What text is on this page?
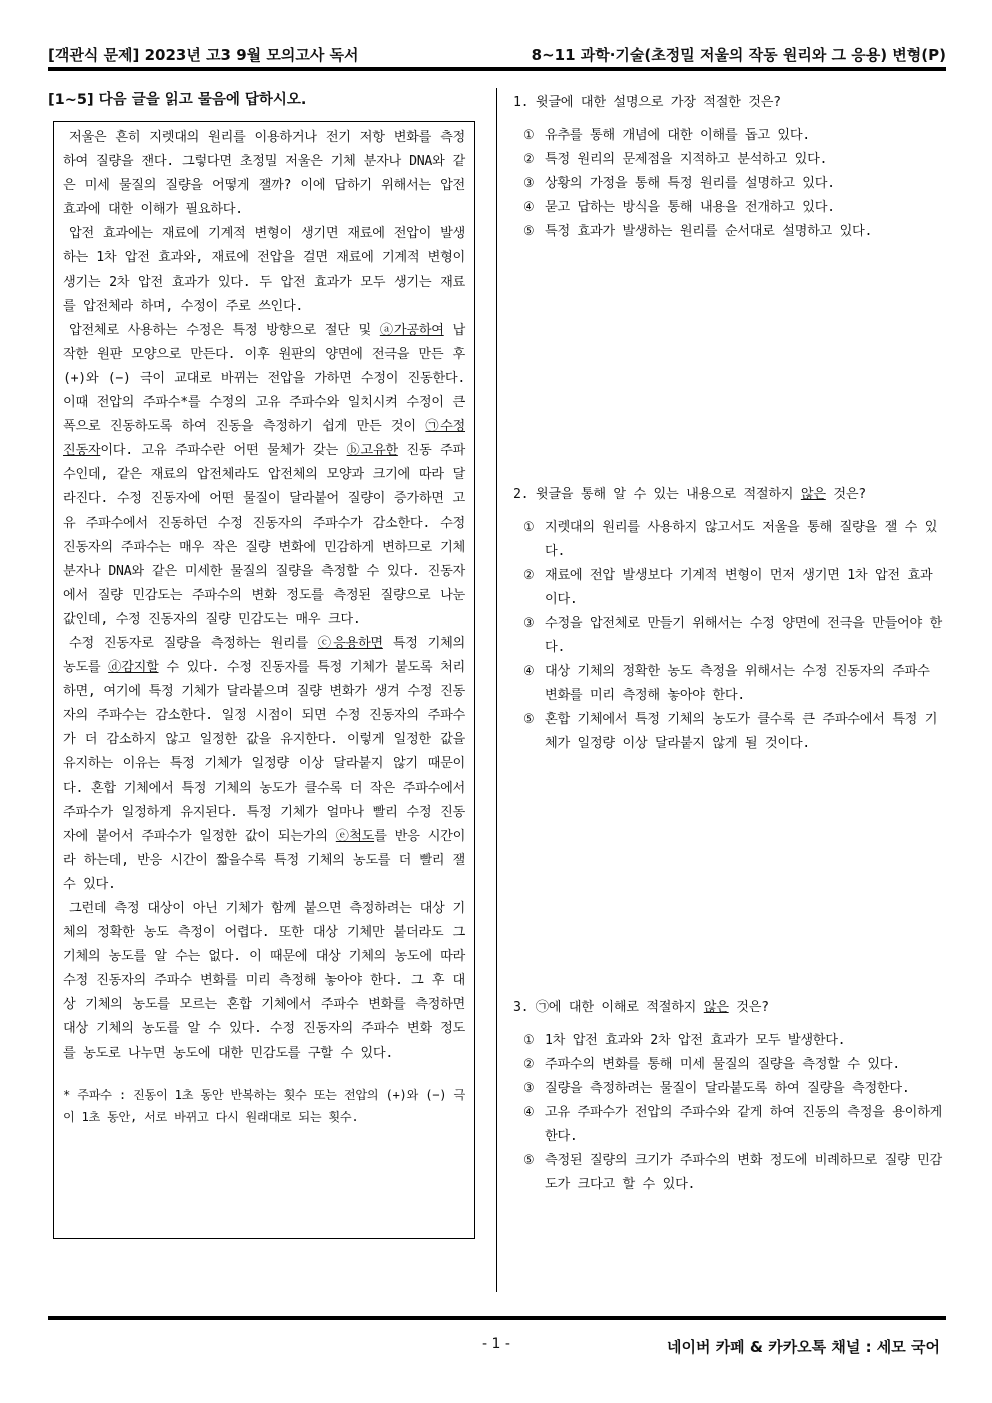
[객관식 문제] 2023년 고3 9월 모의고사 독서	8~11 과학·기술(초정밀 저울의 작동 원리와 그 응용) 변형(P)
[1~5] 다음 글을 읽고 물음에 답하시오.

저울은 흔히 지렛대의 원리를 이용하거나 전기 저항 변화를 측정하여 질량을 잰다. 그렇다면 초정밀 저울은 기체 분자나 DNA와 같은 미세 물질의 질량을 어떻게 잴까? 이에 답하기 위해서는 압전 효과에 대한 이해가 필요하다.

압전 효과에는 재료에 기계적 변형이 생기면 재료에 전압이 발생하는 1차 압전 효과와, 재료에 전압을 걸면 재료에 기계적 변형이 생기는 2차 압전 효과가 있다. 두 압전 효과가 모두 생기는 재료를 압전체라 하며, 수정이 주로 쓰인다.

압전체로 사용하는 수정은 특정 방향으로 절단 및 ⓐ가공하여 납작한 원판 모양으로 만든다. 이후 원판의 양면에 전극을 만든 후 (+)와 (−) 극이 교대로 바뀌는 전압을 가하면 수정이 진동한다. 이때 전압의 주파수*를 수정의 고유 주파수와 일치시켜 수정이 큰 폭으로 진동하도록 하여 진동을 측정하기 쉽게 만든 것이 ㉠수정 진동자이다. 고유 주파수란 어떤 물체가 갖는 ⓑ고유한 진동 주파수인데, 같은 재료의 압전체라도 압전체의 모양과 크기에 따라 달라진다. 수정 진동자에 어떤 물질이 달라붙어 질량이 증가하면 고유 주파수에서 진동하던 수정 진동자의 주파수가 감소한다. 수정 진동자의 주파수는 매우 작은 질량 변화에 민감하게 변하므로 기체 분자나 DNA와 같은 미세한 물질의 질량을 측정할 수 있다. 진동자에서 질량 민감도는 주파수의 변화 정도를 측정된 질량으로 나눈 값인데, 수정 진동자의 질량 민감도는 매우 크다.

수정 진동자로 질량을 측정하는 원리를 ⓒ응용하면 특정 기체의 농도를 ⓓ감지할 수 있다. 수정 진동자를 특정 기체가 붙도록 처리하면, 여기에 특정 기체가 달라붙으며 질량 변화가 생겨 수정 진동자의 주파수는 감소한다. 일정 시점이 되면 수정 진동자의 주파수가 더 감소하지 않고 일정한 값을 유지한다. 이렇게 일정한 값을 유지하는 이유는 특정 기체가 일정량 이상 달라붙지 않기 때문이다. 혼합 기체에서 특정 기체의 농도가 클수록 더 작은 주파수에서 주파수가 일정하게 유지된다. 특정 기체가 얼마나 빨리 수정 진동자에 붙어서 주파수가 일정한 값이 되는가의 ⓔ척도를 반응 시간이라 하는데, 반응 시간이 짧을수록 특정 기체의 농도를 더 빨리 잴 수 있다.

그런데 측정 대상이 아닌 기체가 함께 붙으면 측정하려는 대상 기체의 정확한 농도 측정이 어렵다. 또한 대상 기체만 붙더라도 그 기체의 농도를 알 수는 없다. 이 때문에 대상 기체의 농도에 따라 수정 진동자의 주파수 변화를 미리 측정해 놓아야 한다. 그 후 대상 기체의 농도를 모르는 혼합 기체에서 주파수 변화를 측정하면 대상 기체의 농도를 알 수 있다. 수정 진동자의 주파수 변화 정도를 농도로 나누면 농도에 대한 민감도를 구할 수 있다.

* 주파수 : 진동이 1초 동안 반복하는 횟수 또는 전압의 (+)와 (−) 극이 1초 동안, 서로 바뀌고 다시 원래대로 되는 횟수.

1. 윗글에 대한 설명으로 가장 적절한 것은?
① 유추를 통해 개념에 대한 이해를 돕고 있다.
② 특정 원리의 문제점을 지적하고 분석하고 있다.
③ 상황의 가정을 통해 특정 원리를 설명하고 있다.
④ 묻고 답하는 방식을 통해 내용을 전개하고 있다.
⑤ 특정 효과가 발생하는 원리를 순서대로 설명하고 있다.
2. 윗글을 통해 알 수 있는 내용으로 적절하지 않은 것은?
① 지렛대의 원리를 사용하지 않고서도 저울을 통해 질량을 잴 수 있다.
② 재료에 전압 발생보다 기계적 변형이 먼저 생기면 1차 압전 효과이다.
③ 수정을 압전체로 만들기 위해서는 수정 양면에 전극을 만들어야 한다.
④ 대상 기체의 정확한 농도 측정을 위해서는 수정 진동자의 주파수 변화를 미리 측정해 놓아야 한다.
⑤ 혼합 기체에서 특정 기체의 농도가 클수록 큰 주파수에서 특정 기체가 일정량 이상 달라붙지 않게 될 것이다.
3. ㉠에 대한 이해로 적절하지 않은 것은?
① 1차 압전 효과와 2차 압전 효과가 모두 발생한다.
② 주파수의 변화를 통해 미세 물질의 질량을 측정할 수 있다.
③ 질량을 측정하려는 물질이 달라붙도록 하여 질량을 측정한다.
④ 고유 주파수가 전압의 주파수와 같게 하여 진동의 측정을 용이하게 한다.
⑤ 측정된 질량의 크기가 주파수의 변화 정도에 비례하므로 질량 민감도가 크다고 할 수 있다.
- 1 -	네이버 카페 & 카카오톡 채널 : 세모 국어
